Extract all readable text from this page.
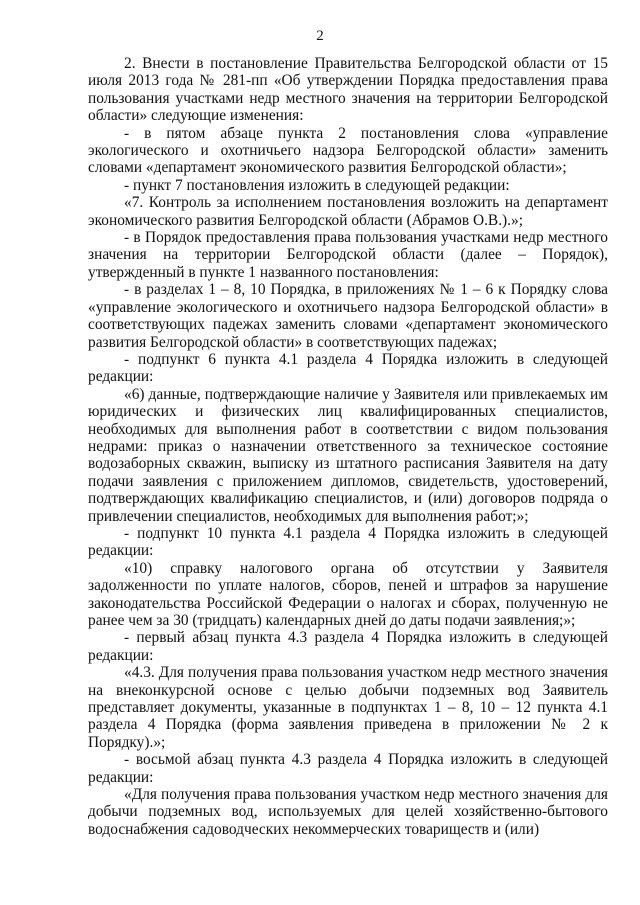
2

2. Внести в постановление Правительства Белгородской области от 15 июля 2013 года № 281-пп «Об утверждении Порядка предоставления права пользования участками недр местного значения на территории Белгородской области» следующие изменения:

- в пятом абзаце пункта 2 постановления слова «управление экологического и охотничьего надзора Белгородской области» заменить словами «департамент экономического развития Белгородской области»;

- пункт 7 постановления изложить в следующей редакции:

«7. Контроль за исполнением постановления возложить на департамент экономического развития Белгородской области (Абрамов О.В.).»;

- в Порядок предоставления права пользования участками недр местного значения на территории Белгородской области (далее – Порядок), утвержденный в пункте 1 названного постановления:

- в разделах 1 – 8, 10 Порядка, в приложениях № 1 – 6 к Порядку слова «управление экологического и охотничьего надзора Белгородской области» в соответствующих падежах заменить словами «департамент экономического развития Белгородской области» в соответствующих падежах;

- подпункт 6 пункта 4.1 раздела 4 Порядка изложить в следующей редакции:

«6) данные, подтверждающие наличие у Заявителя или привлекаемых им юридических и физических лиц квалифицированных специалистов, необходимых для выполнения работ в соответствии с видом пользования недрами: приказ о назначении ответственного за техническое состояние водозаборных скважин, выписку из штатного расписания Заявителя на дату подачи заявления с приложением дипломов, свидетельств, удостоверений, подтверждающих квалификацию специалистов, и (или) договоров подряда о привлечении специалистов, необходимых для выполнения работ;»;

- подпункт 10 пункта 4.1 раздела 4 Порядка изложить в следующей редакции:

«10) справку налогового органа об отсутствии у Заявителя задолженности по уплате налогов, сборов, пеней и штрафов за нарушение законодательства Российской Федерации о налогах и сборах, полученную не ранее чем за 30 (тридцать) календарных дней до даты подачи заявления;»;

- первый абзац пункта 4.3 раздела 4 Порядка изложить в следующей редакции:

«4.3. Для получения права пользования участком недр местного значения на внеконкурсной основе с целью добычи подземных вод Заявитель представляет документы, указанные в подпунктах 1 – 8, 10 – 12 пункта 4.1 раздела 4 Порядка (форма заявления приведена в приложении № 2 к Порядку).»;

- восьмой абзац пункта 4.3 раздела 4 Порядка изложить в следующей редакции:

«Для получения права пользования участком недр местного значения для добычи подземных вод, используемых для целей хозяйственно-бытового водоснабжения садоводческих некоммерческих товариществ и (или)
